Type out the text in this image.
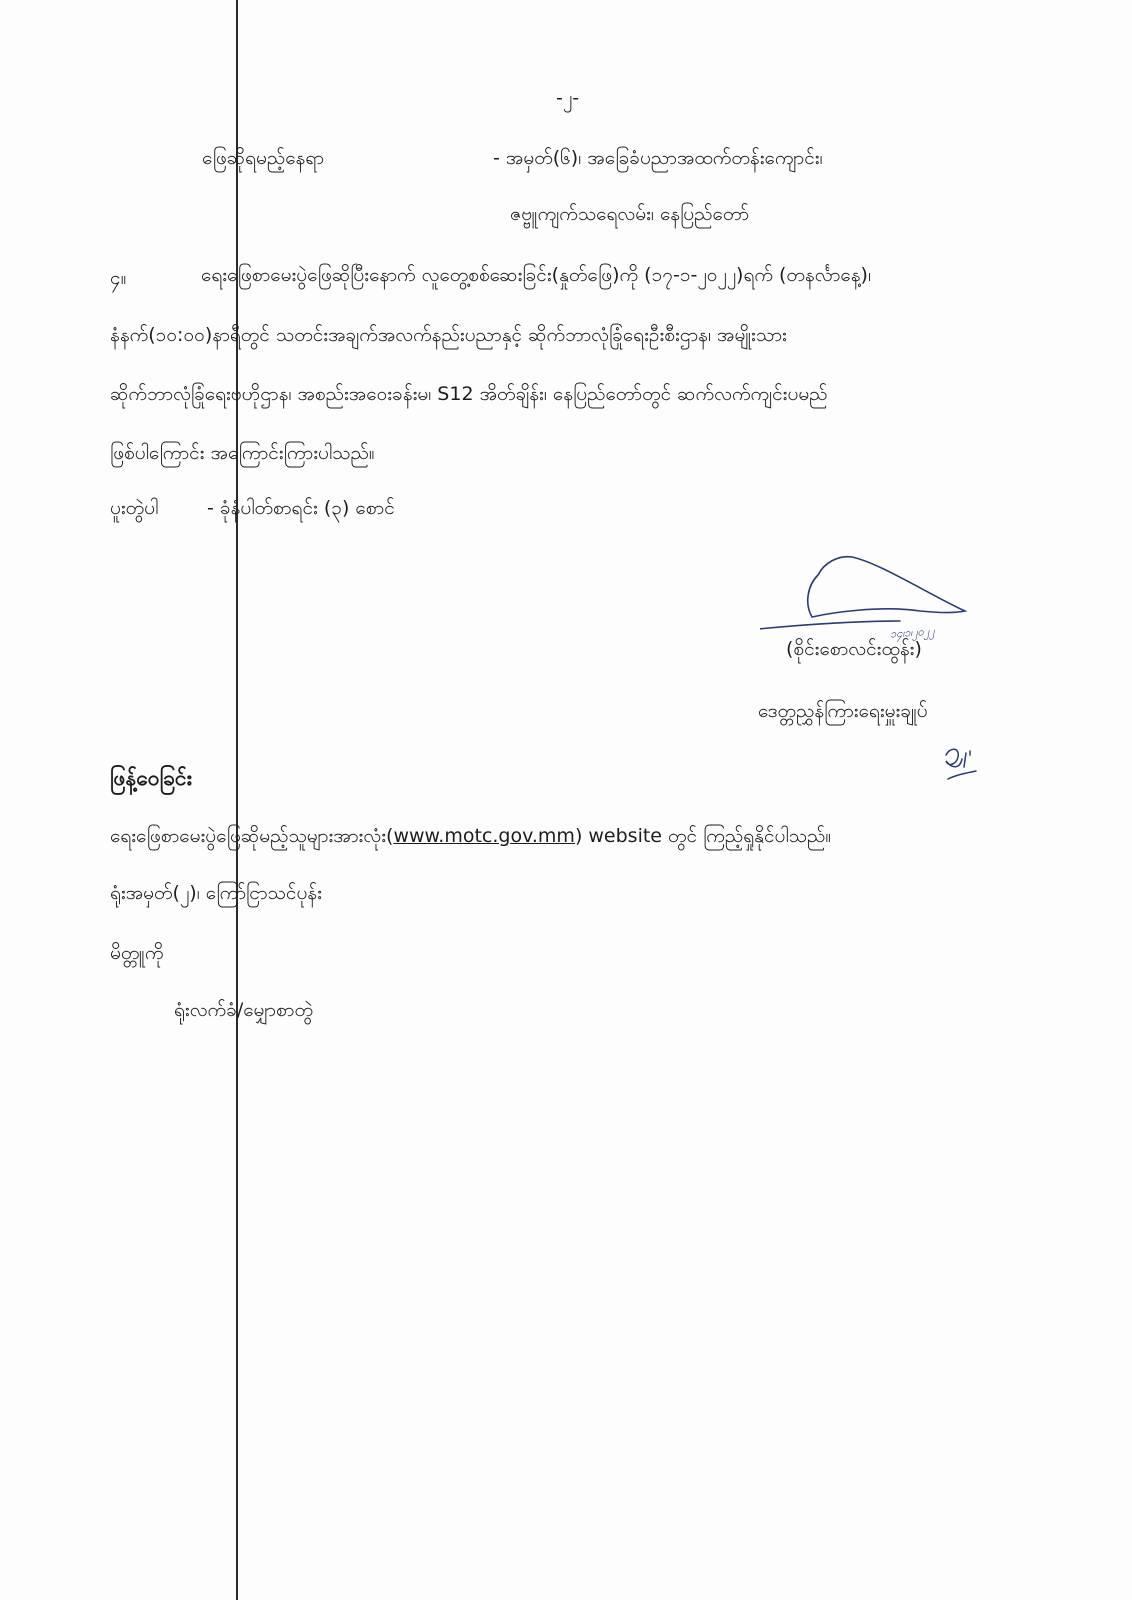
-၂-
ဖြေဆိုရမည့်နေရာ	- အမှတ်(၆)၊ အခြေခံပညာအထက်တန်းကျောင်း၊
ဇဗ္ဗူကျက်သရေလမ်း၊ နေပြည်တော်
၄။	ရေးဖြေစာမေးပွဲဖြေဆိုပြီးနောက် လူတွေ့စစ်ဆေးခြင်း(နှုတ်ဖြေ)ကို (၁၇-၁-၂၀၂၂)ရက် (တနင်္လာနေ့)၊
နံနက်(၁၀:၀၀)နာရီတွင် သတင်းအချက်အလက်နည်းပညာနှင့် ဆိုက်ဘာလုံခြုံရေးဦးစီးဌာန၊ အမျိုးသား
ဆိုက်ဘာလုံခြုံရေးဗဟိုဌာန၊ အစည်းအဝေးခန်းမ၊ S12 အိတ်ချိန်း၊ နေပြည်တော်တွင် ဆက်လက်ကျင်းပမည်
ဖြစ်ပါကြောင်း အကြောင်းကြားပါသည်။
ပူးတွဲပါ	- ခုံနံပါတ်စာရင်း (၃) စောင်
၁၄၊၁၊၂၀၂၂
(စိုင်းစောလင်းထွန်း)
ဒေတ္တညွှန်ကြားရေးမှူးချုပ်
ဖြန့်ဝေခြင်း
ရေးဖြေစာမေးပွဲဖြေဆိုမည့်သူများအားလုံး(www.motc.gov.mm) website တွင် ကြည့်ရှုနိုင်ပါသည်။
ရုံးအမှတ်(၂)၊ ကြော်ငြာသင်ပုန်း
မိတ္တူကို
ရုံးလက်ခံ/မျှောစာတွဲ
